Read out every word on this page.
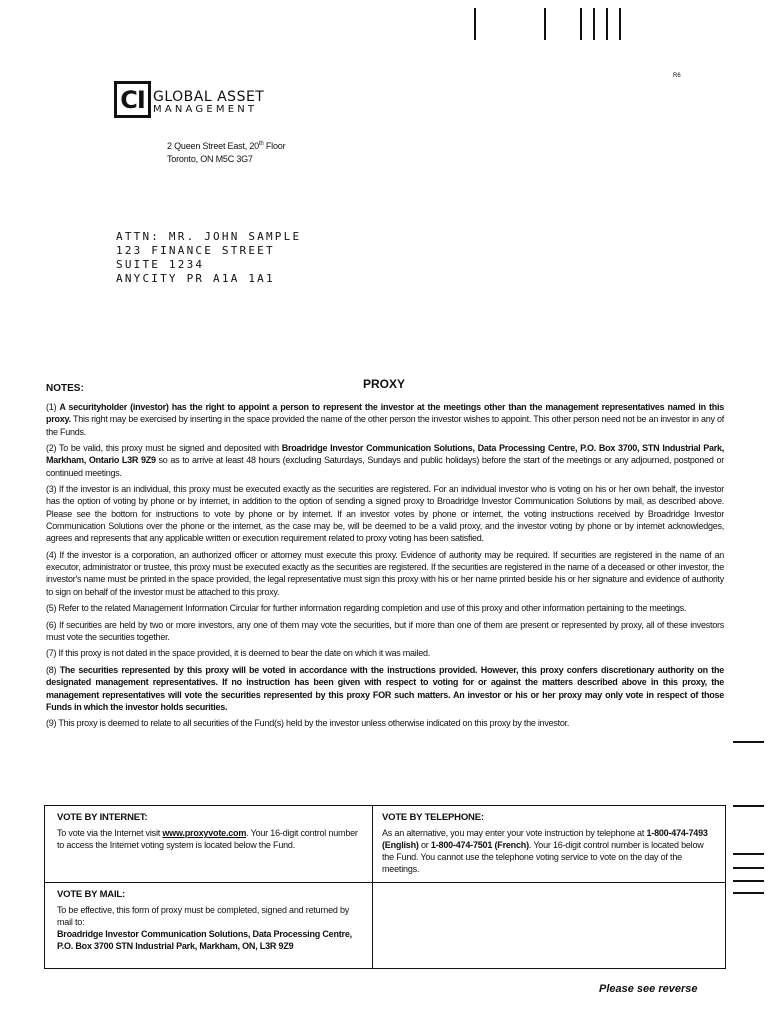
R6
CI GLOBAL ASSET
MANAGEMENT
2 Queen Street East, 20th Floor
Toronto, ON M5C 3G7
ATTN: MR. JOHN SAMPLE
123 FINANCE STREET
SUITE 1234
ANYCITY PR A1A 1A1
NOTES:	PROXY

(1) A securityholder (investor) has the right to appoint a person to represent the investor at the meetings other than the management representatives named in this proxy. This right may be exercised by inserting in the space provided the name of the other person the investor wishes to appoint. This other person need not be an investor in any of the Funds.

(2) To be valid, this proxy must be signed and deposited with Broadridge Investor Communication Solutions, Data Processing Centre, P.O. Box 3700, STN Industrial Park, Markham, Ontario L3R 9Z9 so as to arrive at least 48 hours (excluding Saturdays, Sundays and public holidays) before the start of the meetings or any adjourned, postponed or continued meetings.

(3) If the investor is an individual, this proxy must be executed exactly as the securities are registered. For an individual investor who is voting on his or her own behalf, the investor has the option of voting by phone or by internet, in addition to the option of sending a signed proxy to Broadridge Investor Communication Solutions by mail, as described above. Please see the bottom for instructions to vote by phone or by internet. If an investor votes by phone or internet, the voting instructions received by Broadridge Investor Communication Solutions over the phone or the internet, as the case may be, will be deemed to be a valid proxy, and the investor voting by phone or by internet acknowledges, agrees and represents that any applicable written or execution requirement related to proxy voting has been satisfied.

(4) If the investor is a corporation, an authorized officer or attorney must execute this proxy. Evidence of authority may be required. If securities are registered in the name of an executor, administrator or trustee, this proxy must be executed exactly as the securities are registered. If the securities are registered in the name of a deceased or other investor, the investor's name must be printed in the space provided, the legal representative must sign this proxy with his or her name printed beside his or her signature and evidence of authority to sign on behalf of the investor must be attached to this proxy.

(5) Refer to the related Management Information Circular for further information regarding completion and use of this proxy and other information pertaining to the meetings.

(6) If securities are held by two or more investors, any one of them may vote the securities, but if more than one of them are present or represented by proxy, all of these investors must vote the securities together.

(7) If this proxy is not dated in the space provided, it is deemed to bear the date on which it was mailed.

(8) The securities represented by this proxy will be voted in accordance with the instructions provided. However, this proxy confers discretionary authority on the designated management representatives. If no instruction has been given with respect to voting for or against the matters described above in this proxy, the management representatives will vote the securities represented by this proxy FOR such matters. An investor or his or her proxy may only vote in respect of those Funds in which the investor holds securities.

(9) This proxy is deemed to relate to all securities of the Fund(s) held by the investor unless otherwise indicated on this proxy by the investor.

VOTE BY INTERNET:

To vote via the Internet visit www.proxyvote.com. Your 16-digit control number to access the Internet voting system is located below the Fund.

VOTE BY TELEPHONE:

As an alternative, you may enter your vote instruction by telephone at 1-800-474-7493 (English) or 1-800-474-7501 (French). Your 16-digit control number is located below the Fund. You cannot use the telephone voting service to vote on the day of the meetings.

VOTE BY MAIL:

To be effective, this form of proxy must be completed, signed and returned by mail to:

Broadridge Investor Communication Solutions, Data Processing Centre, P.O. Box 3700 STN Industrial Park, Markham, ON, L3R 9Z9

Please see reverse
